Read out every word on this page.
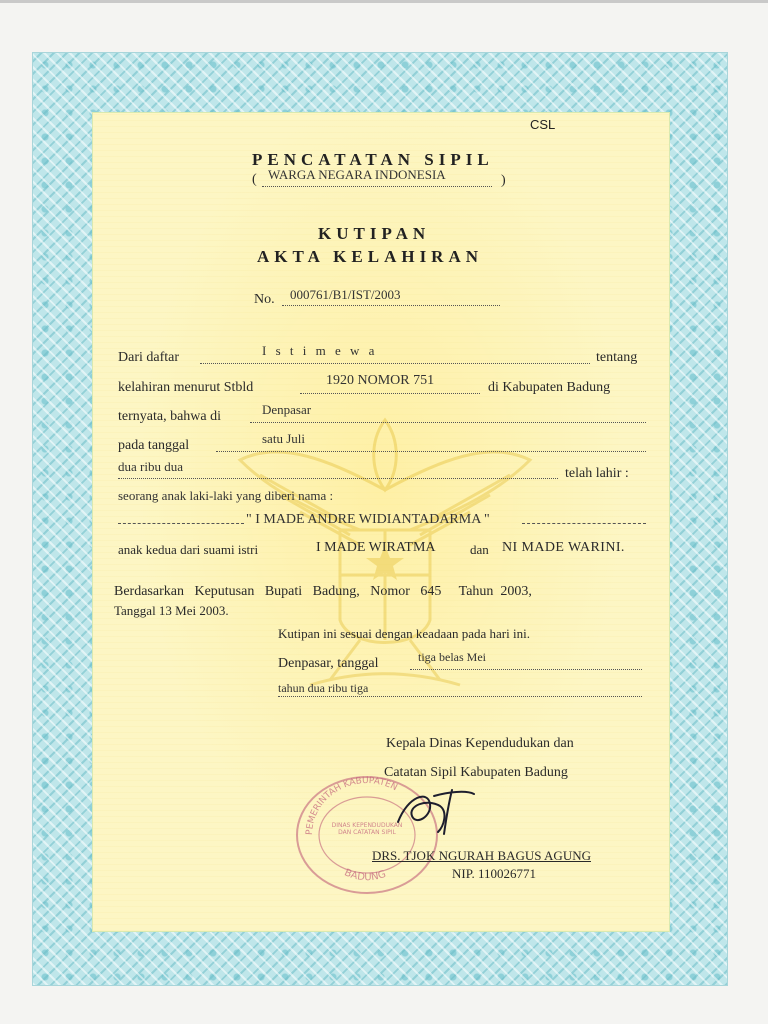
CSL
PENCATATAN SIPIL
( WARGA NEGARA INDONESIA	)
KUTIPAN
AKTA KELAHIRAN
No. 000761/B1/IST/2003
Dari daftar	I s t i m e w a	tentang
kelahiran menurut Stbld	1920 NOMOR 751	di Kabupaten Badung
ternyata, bahwa di	Denpasar
pada tanggal	satu Juli
dua ribu dua	telah lahir :
seorang anak laki-laki yang diberi nama :
" I MADE ANDRE WIDIANTADARMA "
anak kedua dari suami istri	I MADE WIRATMA	dan NI MADE WARINI.
Berdasarkan   Keputusan   Bupati   Badung,   Nomor   645     Tahun  2003,
Tanggal 13 Mei 2003.
Kutipan ini sesuai dengan keadaan pada hari ini.
Denpasar, tanggal	tiga belas Mei
tahun dua ribu tiga
Kepala Dinas Kependudukan dan
Catatan Sipil Kabupaten Badung
PEMERINTAH KABUPATEN
BADUNG
DINAS KEPENDUDUKAN DAN CATATAN SIPIL
DRS. TJOK NGURAH BAGUS AGUNG
NIP. 110026771
